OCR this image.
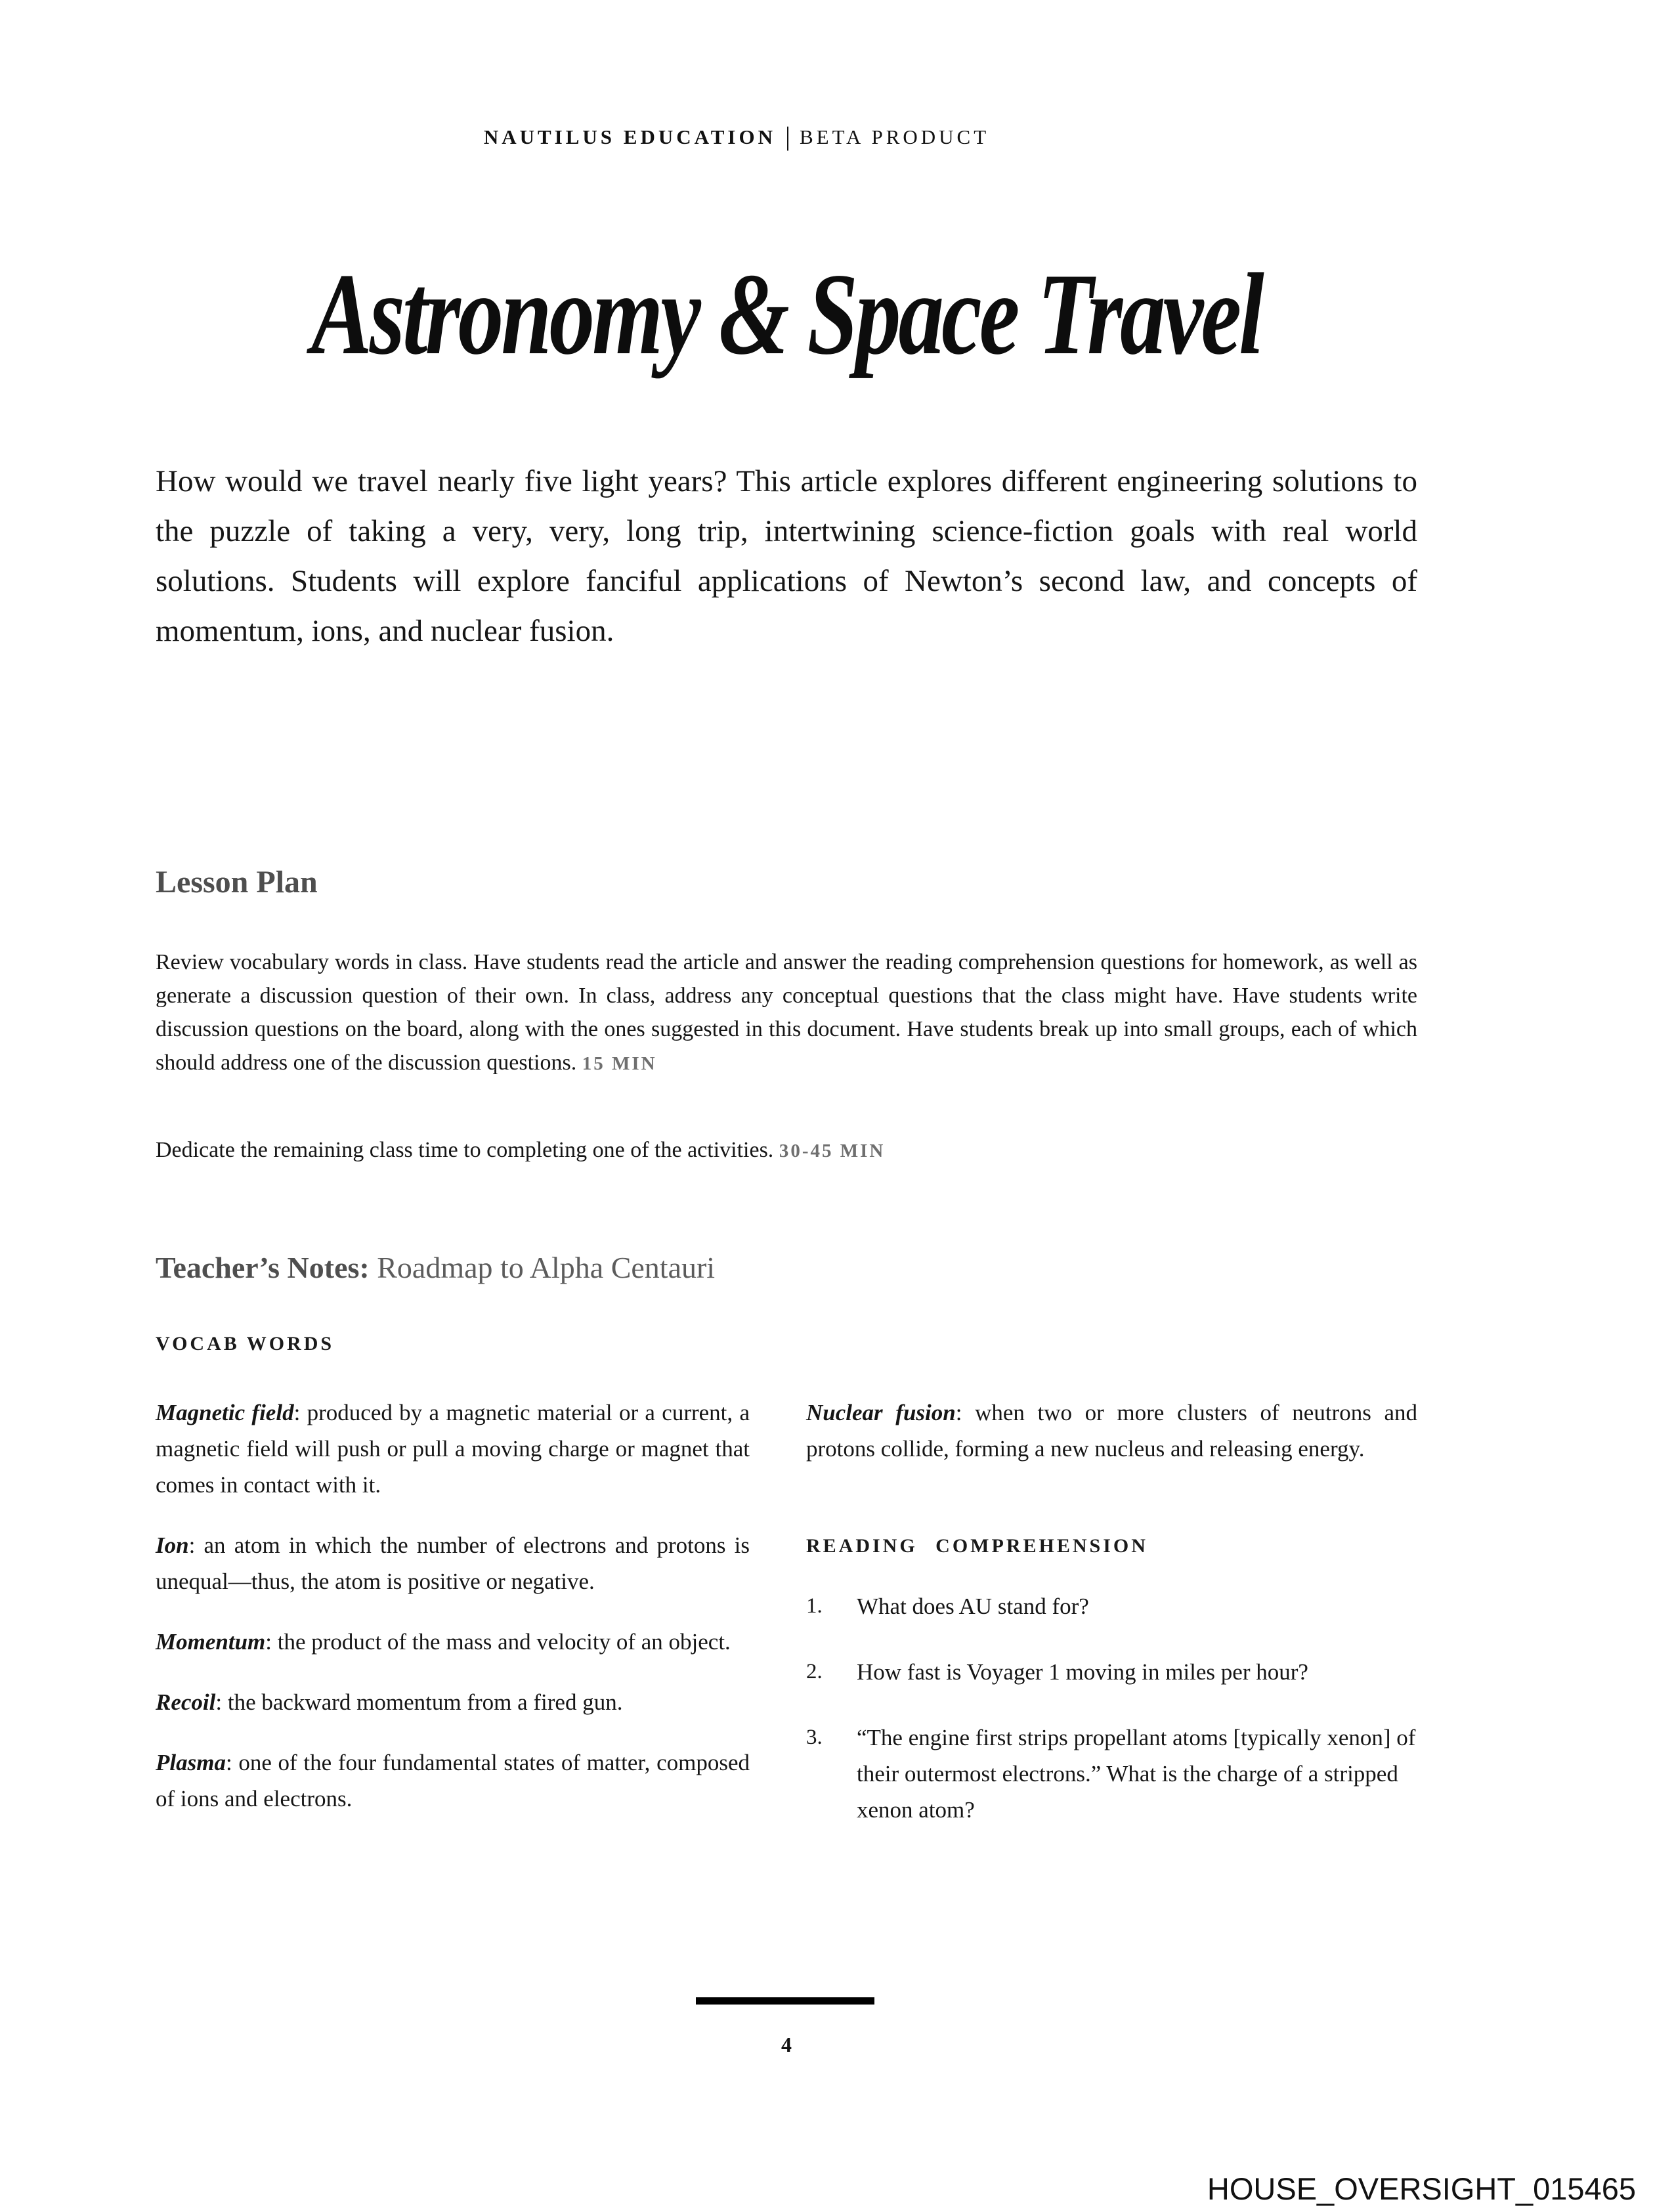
NAUTILUS EDUCATION | BETA PRODUCT
Astronomy & Space Travel

How would we travel nearly five light years? This article explores different engineering solutions to the puzzle of taking a very, very, long trip, intertwining science-fiction goals with real world solutions. Students will explore fanciful applications of Newton’s second law, and concepts of momentum, ions, and nuclear fusion.

Lesson Plan

Review vocabulary words in class. Have students read the article and answer the reading comprehension questions for homework, as well as generate a discussion question of their own. In class, address any conceptual questions that the class might have. Have students write discussion questions on the board, along with the ones suggested in this document. Have students break up into small groups, each of which should address one of the discussion questions. 15 MIN

Dedicate the remaining class time to completing one of the activities. 30-45 MIN

Teacher’s Notes: Roadmap to Alpha Centauri
VOCAB WORDS

Magnetic field: produced by a magnetic material or a current, a magnetic field will push or pull a moving charge or magnet that comes in contact with it.

Ion: an atom in which the number of electrons and protons is unequal—thus, the atom is positive or negative.

Momentum: the product of the mass and velocity of an object.

Recoil: the backward momentum from a fired gun.

Plasma: one of the four fundamental states of matter, composed of ions and electrons.

Nuclear fusion: when two or more clusters of neutrons and protons collide, forming a new nucleus and releasing energy.

READING COMPREHENSION
1.	What does AU stand for?
2.	How fast is Voyager 1 moving in miles per hour?
3.	“The engine first strips propellant atoms [typically xenon] of their outermost electrons.” What is the charge of a stripped xenon atom?
4
HOUSE_OVERSIGHT_015465
